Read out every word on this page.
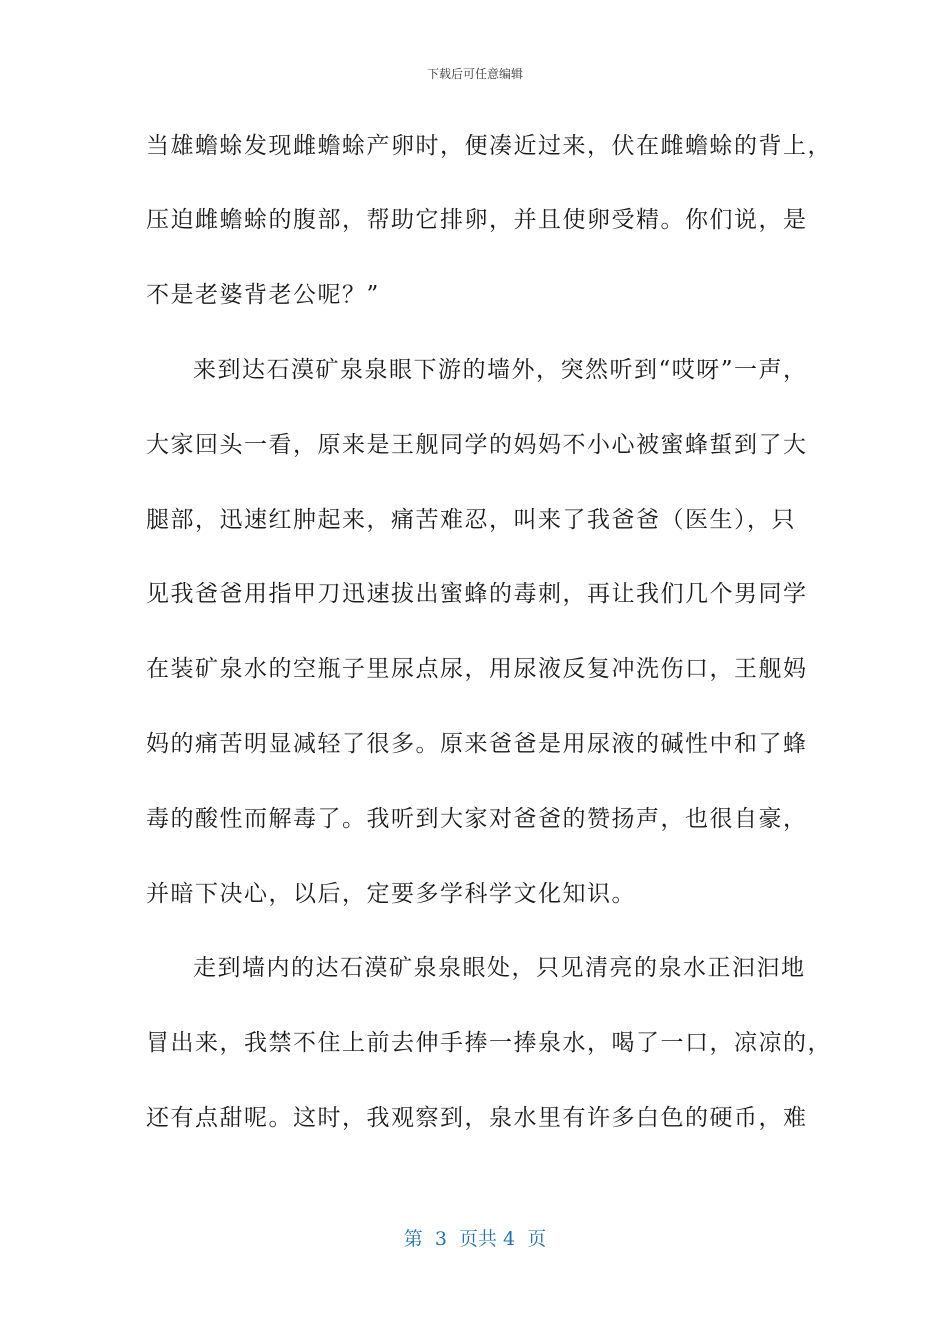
下载后可任意编辑
当雄蟾蜍发现雌蟾蜍产卵时，便凑近过来，伏在雌蟾蜍的背上，
压迫雌蟾蜍的腹部，帮助它排卵，并且使卵受精。你们说，是
不是老婆背老公呢？”
来到达石漠矿泉泉眼下游的墙外，突然听到“哎呀”一声，
大家回头一看，原来是王舰同学的妈妈不小心被蜜蜂蜇到了大
腿部，迅速红肿起来，痛苦难忍，叫来了我爸爸（医生），只
见我爸爸用指甲刀迅速拔出蜜蜂的毒刺，再让我们几个男同学
在装矿泉水的空瓶子里尿点尿，用尿液反复冲洗伤口，王舰妈
妈的痛苦明显减轻了很多。原来爸爸是用尿液的碱性中和了蜂
毒的酸性而解毒了。我听到大家对爸爸的赞扬声，也很自豪，
并暗下决心，以后，定要多学科学文化知识。
走到墙内的达石漠矿泉泉眼处，只见清亮的泉水正汩汩地
冒出来，我禁不住上前去伸手捧一捧泉水，喝了一口，凉凉的，
还有点甜呢。这时，我观察到，泉水里有许多白色的硬币，难
第  3  页共 4  页
